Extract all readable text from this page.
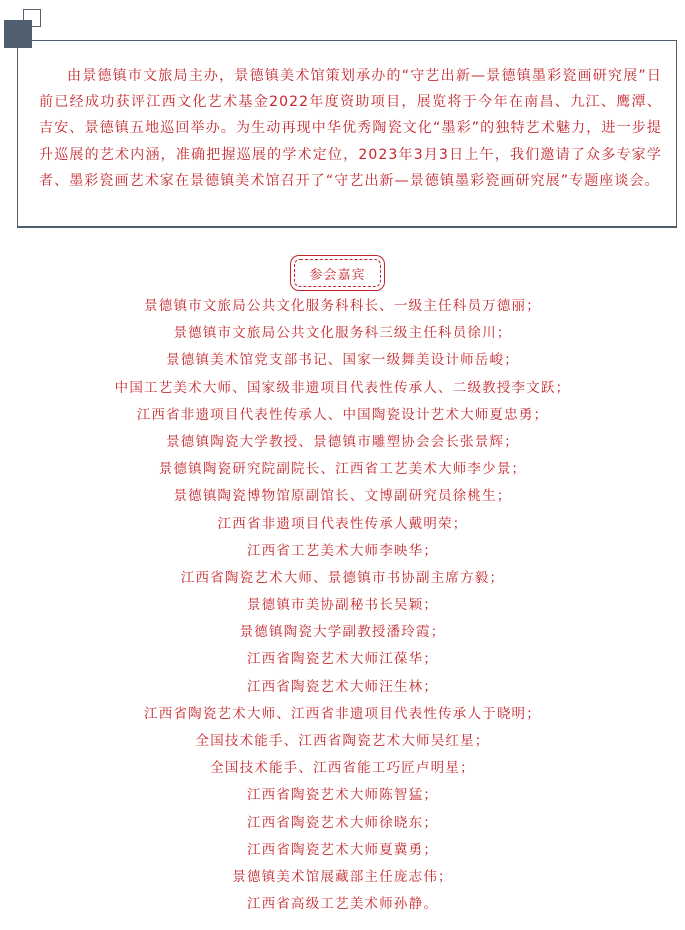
由景德镇市文旅局主办，景德镇美术馆策划承办的“守艺出新—景德镇墨彩瓷画研究展”日前已经成功获评江西文化艺术基金2022年度资助项目，展览将于今年在南昌、九江、鹰潭、吉安、景德镇五地巡回举办。为生动再现中华优秀陶瓷文化“墨彩”的独特艺术魅力，进一步提升巡展的艺术内涵，准确把握巡展的学术定位，2023年3月3日上午，我们邀请了众多专家学者、墨彩瓷画艺术家在景德镇美术馆召开了“守艺出新—景德镇墨彩瓷画研究展”专题座谈会。

参会嘉宾
景德镇市文旅局公共文化服务科科长、一级主任科员万德丽；
景德镇市文旅局公共文化服务科三级主任科员徐川；
景德镇美术馆党支部书记、国家一级舞美设计师岳峻；
中国工艺美术大师、国家级非遗项目代表性传承人、二级教授李文跃；
江西省非遗项目代表性传承人、中国陶瓷设计艺术大师夏忠勇；
景德镇陶瓷大学教授、景德镇市雕塑协会会长张景辉；
景德镇陶瓷研究院副院长、江西省工艺美术大师李少景；
景德镇陶瓷博物馆原副馆长、文博副研究员徐桃生；
江西省非遗项目代表性传承人戴明荣；
江西省工艺美术大师李映华；
江西省陶瓷艺术大师、景德镇市书协副主席方毅；
景德镇市美协副秘书长吴颖；
景德镇陶瓷大学副教授潘玲霞；
江西省陶瓷艺术大师江葆华；
江西省陶瓷艺术大师汪生林；
江西省陶瓷艺术大师、江西省非遗项目代表性传承人于晓明；
全国技术能手、江西省陶瓷艺术大师吴红星；
全国技术能手、江西省能工巧匠卢明星；
江西省陶瓷艺术大师陈智猛；
江西省陶瓷艺术大师徐晓东；
江西省陶瓷艺术大师夏冀勇；
景德镇美术馆展藏部主任庞志伟；
江西省高级工艺美术师孙静。
